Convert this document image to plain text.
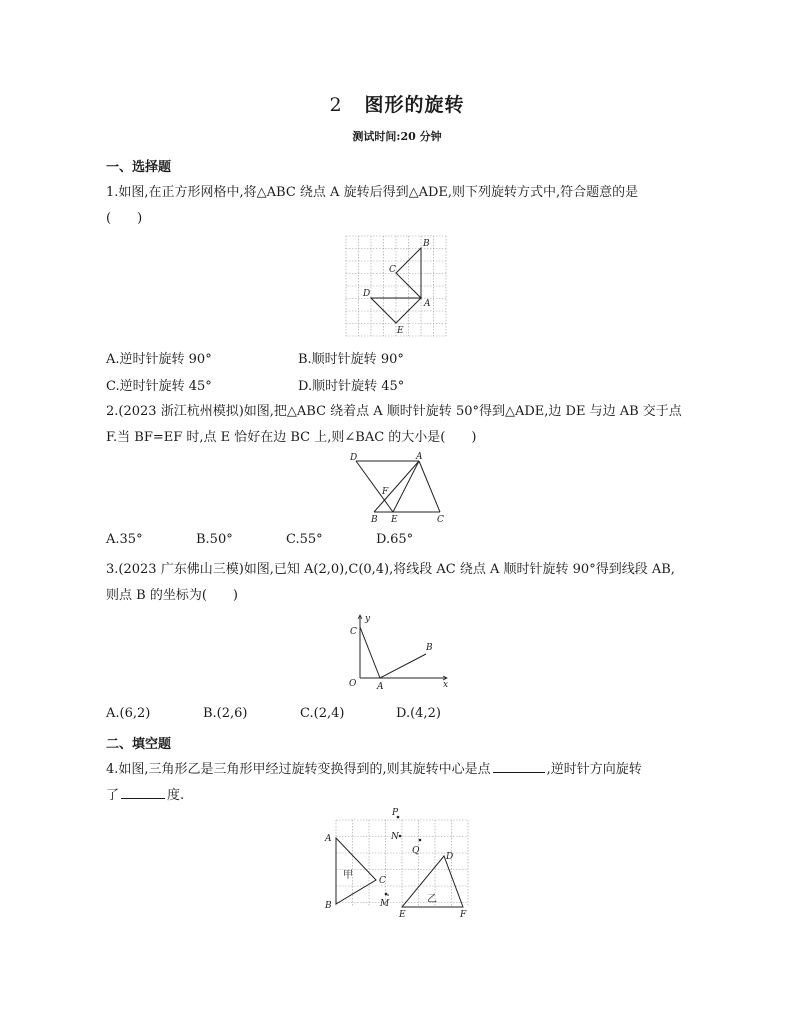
2 图形的旋转
测试时间:20 分钟
一、选择题
1.如图,在正方形网格中,将△ABC 绕点 A 旋转后得到△ADE,则下列旋转方式中,符合题意的是
(　　)
B
C
D
A
E
A.逆时针旋转 90°	B.顺时针旋转 90°
C.逆时针旋转 45°	D.顺时针旋转 45°
2.(2023 浙江杭州模拟)如图,把△ABC 绕着点 A 顺时针旋转 50°得到△ADE,边 DE 与边 AB 交于点
F.当 BF=EF 时,点 E 恰好在边 BC 上,则∠BAC 的大小是(　　)
D	A
F
B E	C
A.35°	B.50°	C.55°	D.65°
3.(2023 广东佛山三模)如图,已知 A(2,0),C(0,4),将线段 AC 绕点 A 顺时针旋转 90°得到线段 AB,
则点 B 的坐标为(　　)
y
C
B
O A	x
A.(6,2)	B.(2,6)	C.(2,4)	D.(4,2)
二、填空题
4.如图,三角形乙是三角形甲经过旋转变换得到的,则其旋转中心是点	,逆时针方向旋转
了	度.
P
N
Q
A
D
甲	C
乙
B	M
E	F
